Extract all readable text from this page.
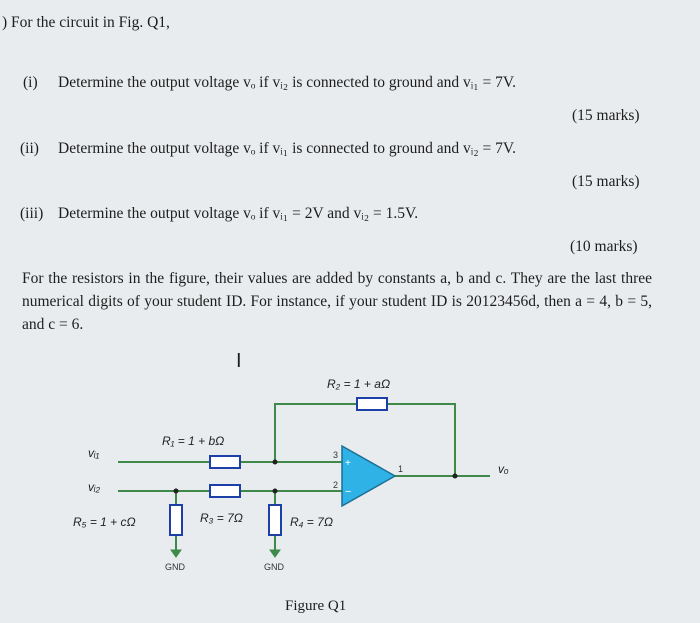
) For the circuit in Fig. Q1,
(i) Determine the output voltage vₒ if vᵢ₂ is connected to ground and vᵢ₁ = 7V.
(15 marks)
(ii) Determine the output voltage vₒ if vᵢ₁ is connected to ground and vᵢ₂ = 7V.
(15 marks)
(iii) Determine the output voltage vₒ if vᵢ₁ = 2V and vᵢ₂ = 1.5V.
(10 marks)
For the resistors in the figure, their values are added by constants a, b and c. They are the last three numerical digits of your student ID. For instance, if your student ID is 20123456d, then a = 4, b = 5, and c = 6.
I
+
−
3
2
1
R₂ = 1 + aΩ
R₁ = 1 + bΩ
R₃ = 7Ω	R₄ = 7Ω
R₅ = 1 + cΩ
vᵢ₁
vᵢ₂
vₒ
GND	GND
Figure Q1
